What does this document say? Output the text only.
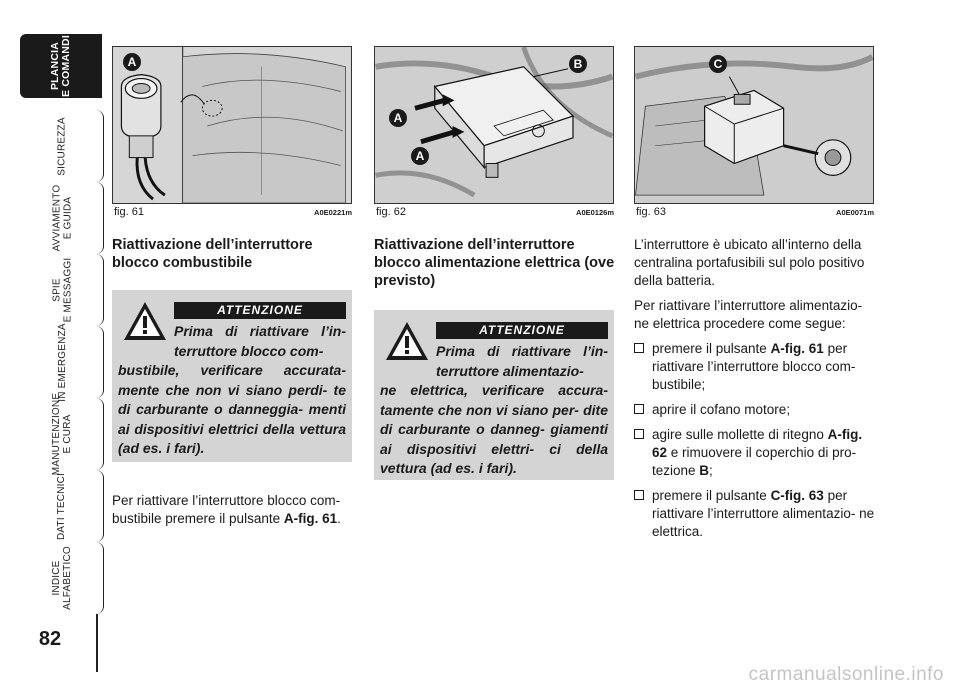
PLANCIA
E COMANDI
SICUREZZA
AVVIAMENTO
E GUIDA
SPIE
E MESSAGGI
IN EMERGENZA
MANUTENZIONE
E CURA
DATI TECNICI
INDICE
ALFABETICO
82
A
fig. 61	A0E0221m
B
A
A
fig. 62	A0E0126m
C
fig. 63	A0E0071m
Riattivazione dell’interruttore blocco combustibile
ATTENZIONE
Prima di riattivare l’in- terruttore blocco com-
bustibile, verificare accurata- mente che non vi siano perdi- te di carburante o danneggia- menti ai dispositivi elettrici della vettura (ad es. i fari).
Per riattivare l’interruttore blocco com- bustibile premere il pulsante A-fig. 61.
Riattivazione dell’interruttore blocco alimentazione elettrica (ove previsto)
ATTENZIONE
Prima di riattivare l’in- terruttore alimentazio-
ne elettrica, verificare accura- tamente che non vi siano per- dite di carburante o danneg- giamenti ai dispositivi elettri- ci della vettura (ad es. i fari).

L’interruttore è ubicato all’interno della centralina portafusibili sul polo positivo della batteria.

Per riattivare l’interruttore alimentazio- ne elettrica procedere come segue:

premere il pulsante A-fig. 61 per riattivare l’interruttore blocco com- bustibile;
aprire il cofano motore;
agire sulle mollette di ritegno A-fig. 62 e rimuovere il coperchio di pro- tezione B;
premere il pulsante C-fig. 63 per riattivare l’interruttore alimentazio- ne elettrica.
carmanualsonline.info
